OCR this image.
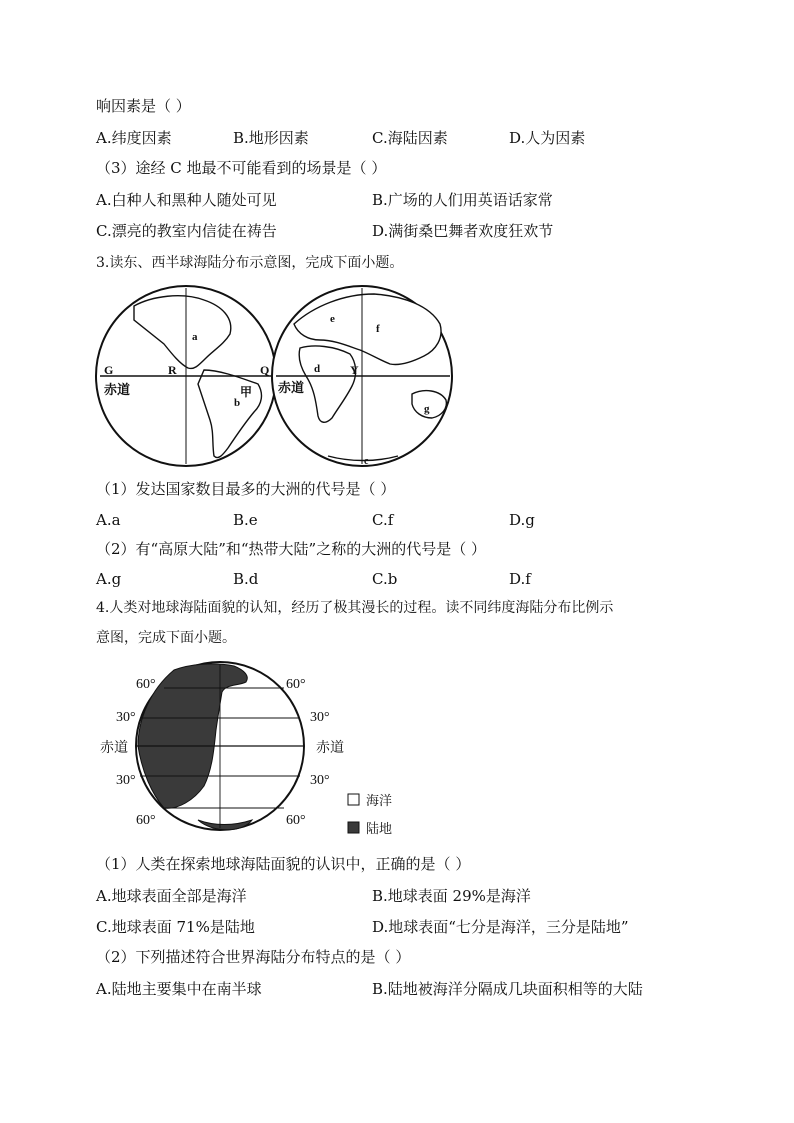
响因素是（ ）
A.纬度因素	B.地形因素	C.海陆因素	D.人为因素
（3）途经 C 地最不可能看到的场景是（ ）
A.白种人和黑种人随处可见	B.广场的人们用英语话家常
C.漂亮的教室内信徒在祷告	D.满街桑巴舞者欢度狂欢节
3.读东、西半球海陆分布示意图，完成下面小题。
G	R	Q
a
b
甲
赤道
Y
e
f
d
g
c
赤道
（1）发达国家数目最多的大洲的代号是（ ）
A.a	B.e	C.f	D.g
（2）有“高原大陆”和“热带大陆”之称的大洲的代号是（ ）
A.g	B.d	C.b	D.f
4.人类对地球海陆面貌的认知，经历了极其漫长的过程。读不同纬度海陆分布比例示
意图，完成下面小题。
60°
30°
赤道
30°
60°
60°
30°
赤道
30°
60°
海洋
陆地
（1）人类在探索地球海陆面貌的认识中，正确的是（ ）
A.地球表面全部是海洋	B.地球表面 29%是海洋
C.地球表面 71%是陆地	D.地球表面“七分是海洋，三分是陆地”
（2）下列描述符合世界海陆分布特点的是（ ）
A.陆地主要集中在南半球	B.陆地被海洋分隔成几块面积相等的大陆
